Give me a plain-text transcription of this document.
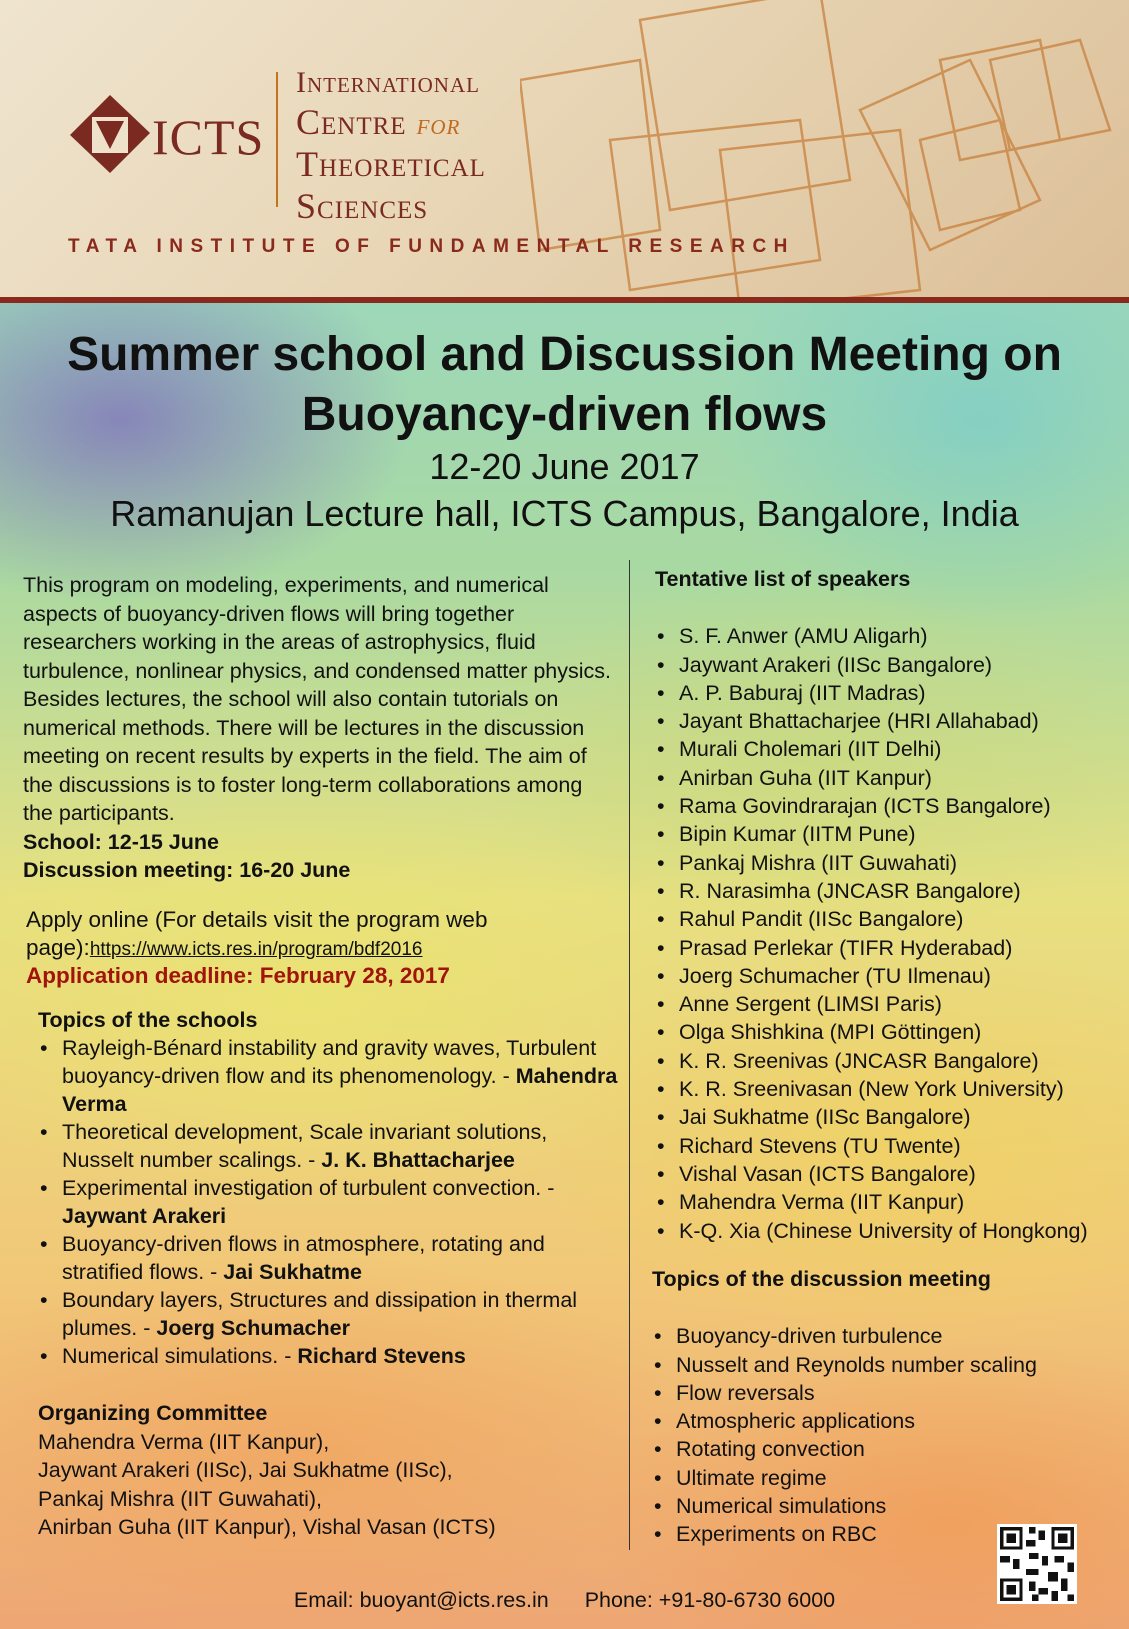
ICTS
International
Centre for
Theoretical
Sciences
TATA INSTITUTE OF FUNDAMENTAL RESEARCH
Summer school and Discussion Meeting on
Buoyancy-driven flows
12-20 June 2017
Ramanujan Lecture hall, ICTS Campus, Bangalore, India
This program on modeling, experiments, and numerical aspects of buoyancy-driven flows will bring together researchers working in the areas of astrophysics, fluid turbulence, nonlinear physics, and condensed matter physics. Besides lectures, the school will also contain tutorials on numerical methods. There will be lectures in the discussion meeting on recent results by experts in the field. The aim of the discussions is to foster long-term collaborations among the participants.
School: 12-15 June
Discussion meeting: 16-20 June
Apply online (For details visit the program web page):https://www.icts.res.in/program/bdf2016
Application deadline: February 28, 2017
Topics of the schools
• Rayleigh-Bénard instability and gravity waves, Turbulent buoyancy-driven flow and its phenomenology. - Mahendra Verma
• Theoretical development, Scale invariant solutions, Nusselt number scalings. - J. K. Bhattacharjee
• Experimental investigation of turbulent convection. - Jaywant Arakeri
• Buoyancy-driven flows in atmosphere, rotating and stratified flows. - Jai Sukhatme
• Boundary layers, Structures and dissipation in thermal plumes. - Joerg Schumacher
• Numerical simulations. - Richard Stevens
Organizing Committee
Mahendra Verma (IIT Kanpur),
Jaywant Arakeri (IISc), Jai Sukhatme (IISc),
Pankaj Mishra (IIT Guwahati),
Anirban Guha (IIT Kanpur), Vishal Vasan (ICTS)
Tentative list of speakers
• S. F. Anwer (AMU Aligarh)
• Jaywant Arakeri (IISc Bangalore)
• A. P. Baburaj (IIT Madras)
• Jayant Bhattacharjee (HRI Allahabad)
• Murali Cholemari (IIT Delhi)
• Anirban Guha (IIT Kanpur)
• Rama Govindrarajan (ICTS Bangalore)
• Bipin Kumar (IITM Pune)
• Pankaj Mishra (IIT Guwahati)
• R. Narasimha (JNCASR Bangalore)
• Rahul Pandit (IISc Bangalore)
• Prasad Perlekar (TIFR Hyderabad)
• Joerg Schumacher (TU Ilmenau)
• Anne Sergent (LIMSI Paris)
• Olga Shishkina (MPI Göttingen)
• K. R. Sreenivas (JNCASR Bangalore)
• K. R. Sreenivasan (New York University)
• Jai Sukhatme (IISc Bangalore)
• Richard Stevens (TU Twente)
• Vishal Vasan (ICTS Bangalore)
• Mahendra Verma (IIT Kanpur)
• K-Q. Xia (Chinese University of Hongkong)
Topics of the discussion meeting
• Buoyancy-driven turbulence
• Nusselt and Reynolds number scaling
• Flow reversals
• Atmospheric applications
• Rotating convection
• Ultimate regime
• Numerical simulations
• Experiments on RBC
Email: buoyant@icts.res.in Phone: +91-80-6730 6000
